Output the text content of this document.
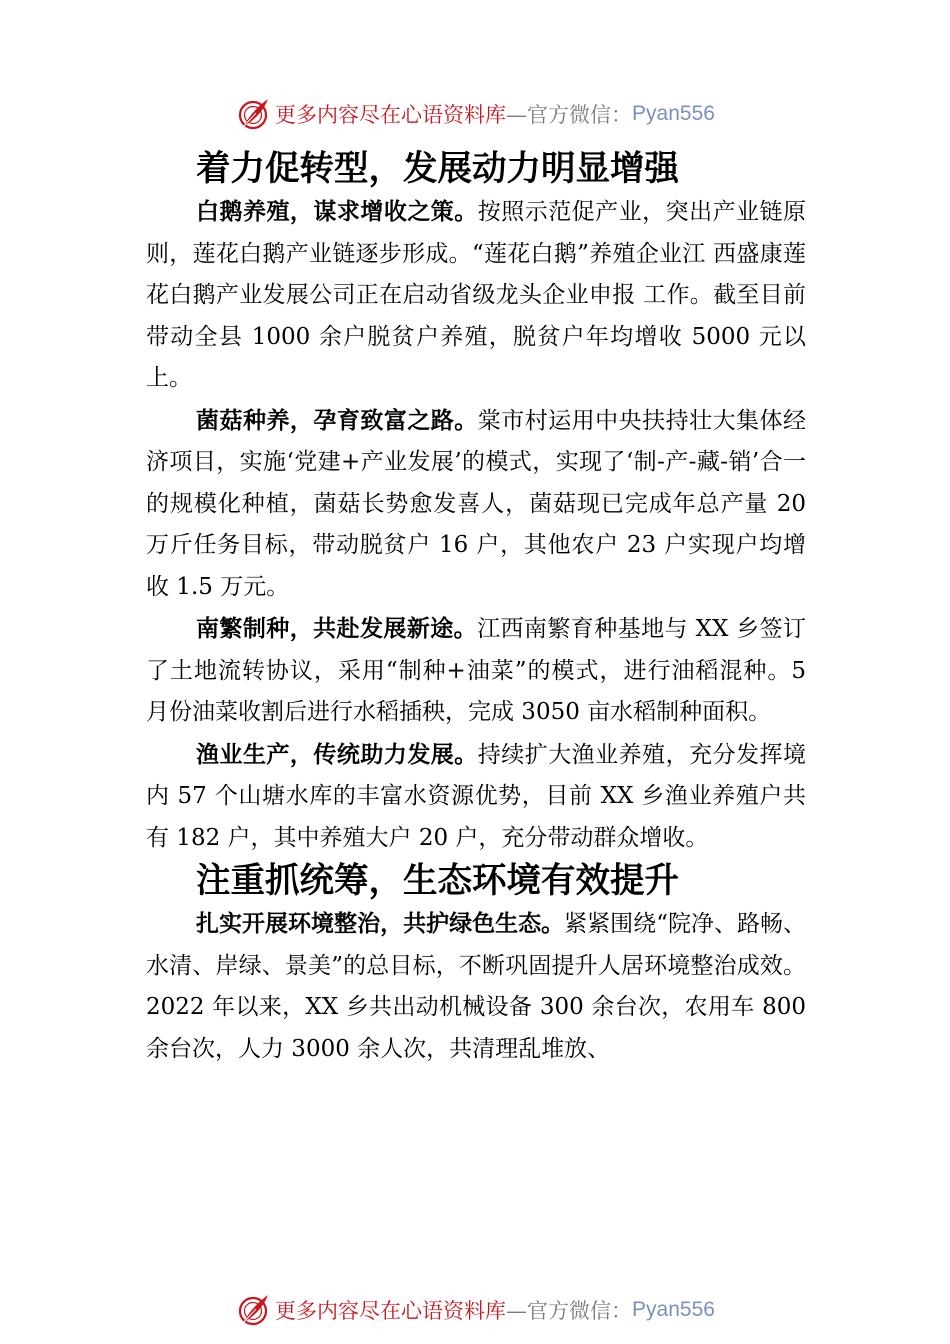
更多内容尽在心语资料库 —官方微信： Pyan556
着力促转型，发展动力明显增强

白鹅养殖，谋求增收之策。按照示范促产业，突出产业链原则，莲花白鹅产业链逐步形成。“莲花白鹅”养殖企业江 西盛康莲花白鹅产业发展公司正在启动省级龙头企业申报 工作。截至目前带动全县 1000 余户脱贫户养殖，脱贫户年均增收 5000 元以上。

菌菇种养，孕育致富之路。棠市村运用中央扶持壮大集体经济项目，实施‘党建+产业发展’的模式，实现了‘制-产-藏-销’合一的规模化种植，菌菇长势愈发喜人，菌菇现已完成年总产量 20 万斤任务目标，带动脱贫户 16 户，其他农户 23 户实现户均增收 1.5 万元。

南繁制种，共赴发展新途。江西南繁育种基地与 XX 乡签订了土地流转协议，采用“制种+油菜”的模式，进行油稻混种。5 月份油菜收割后进行水稻插秧，完成 3050 亩水稻制种面积。

渔业生产，传统助力发展。持续扩大渔业养殖，充分发挥境内 57 个山塘水库的丰富水资源优势，目前 XX 乡渔业养殖户共有 182 户，其中养殖大户 20 户，充分带动群众增收。

注重抓统筹，生态环境有效提升

扎实开展环境整治，共护绿色生态。紧紧围绕“院净、路畅、水清、岸绿、景美”的总目标，不断巩固提升人居环境整治成效。2022 年以来，XX 乡共出动机械设备 300 余台次，农用车 800 余台次，人力 3000 余人次，共清理乱堆放、

更多内容尽在心语资料库 —官方微信： Pyan556
